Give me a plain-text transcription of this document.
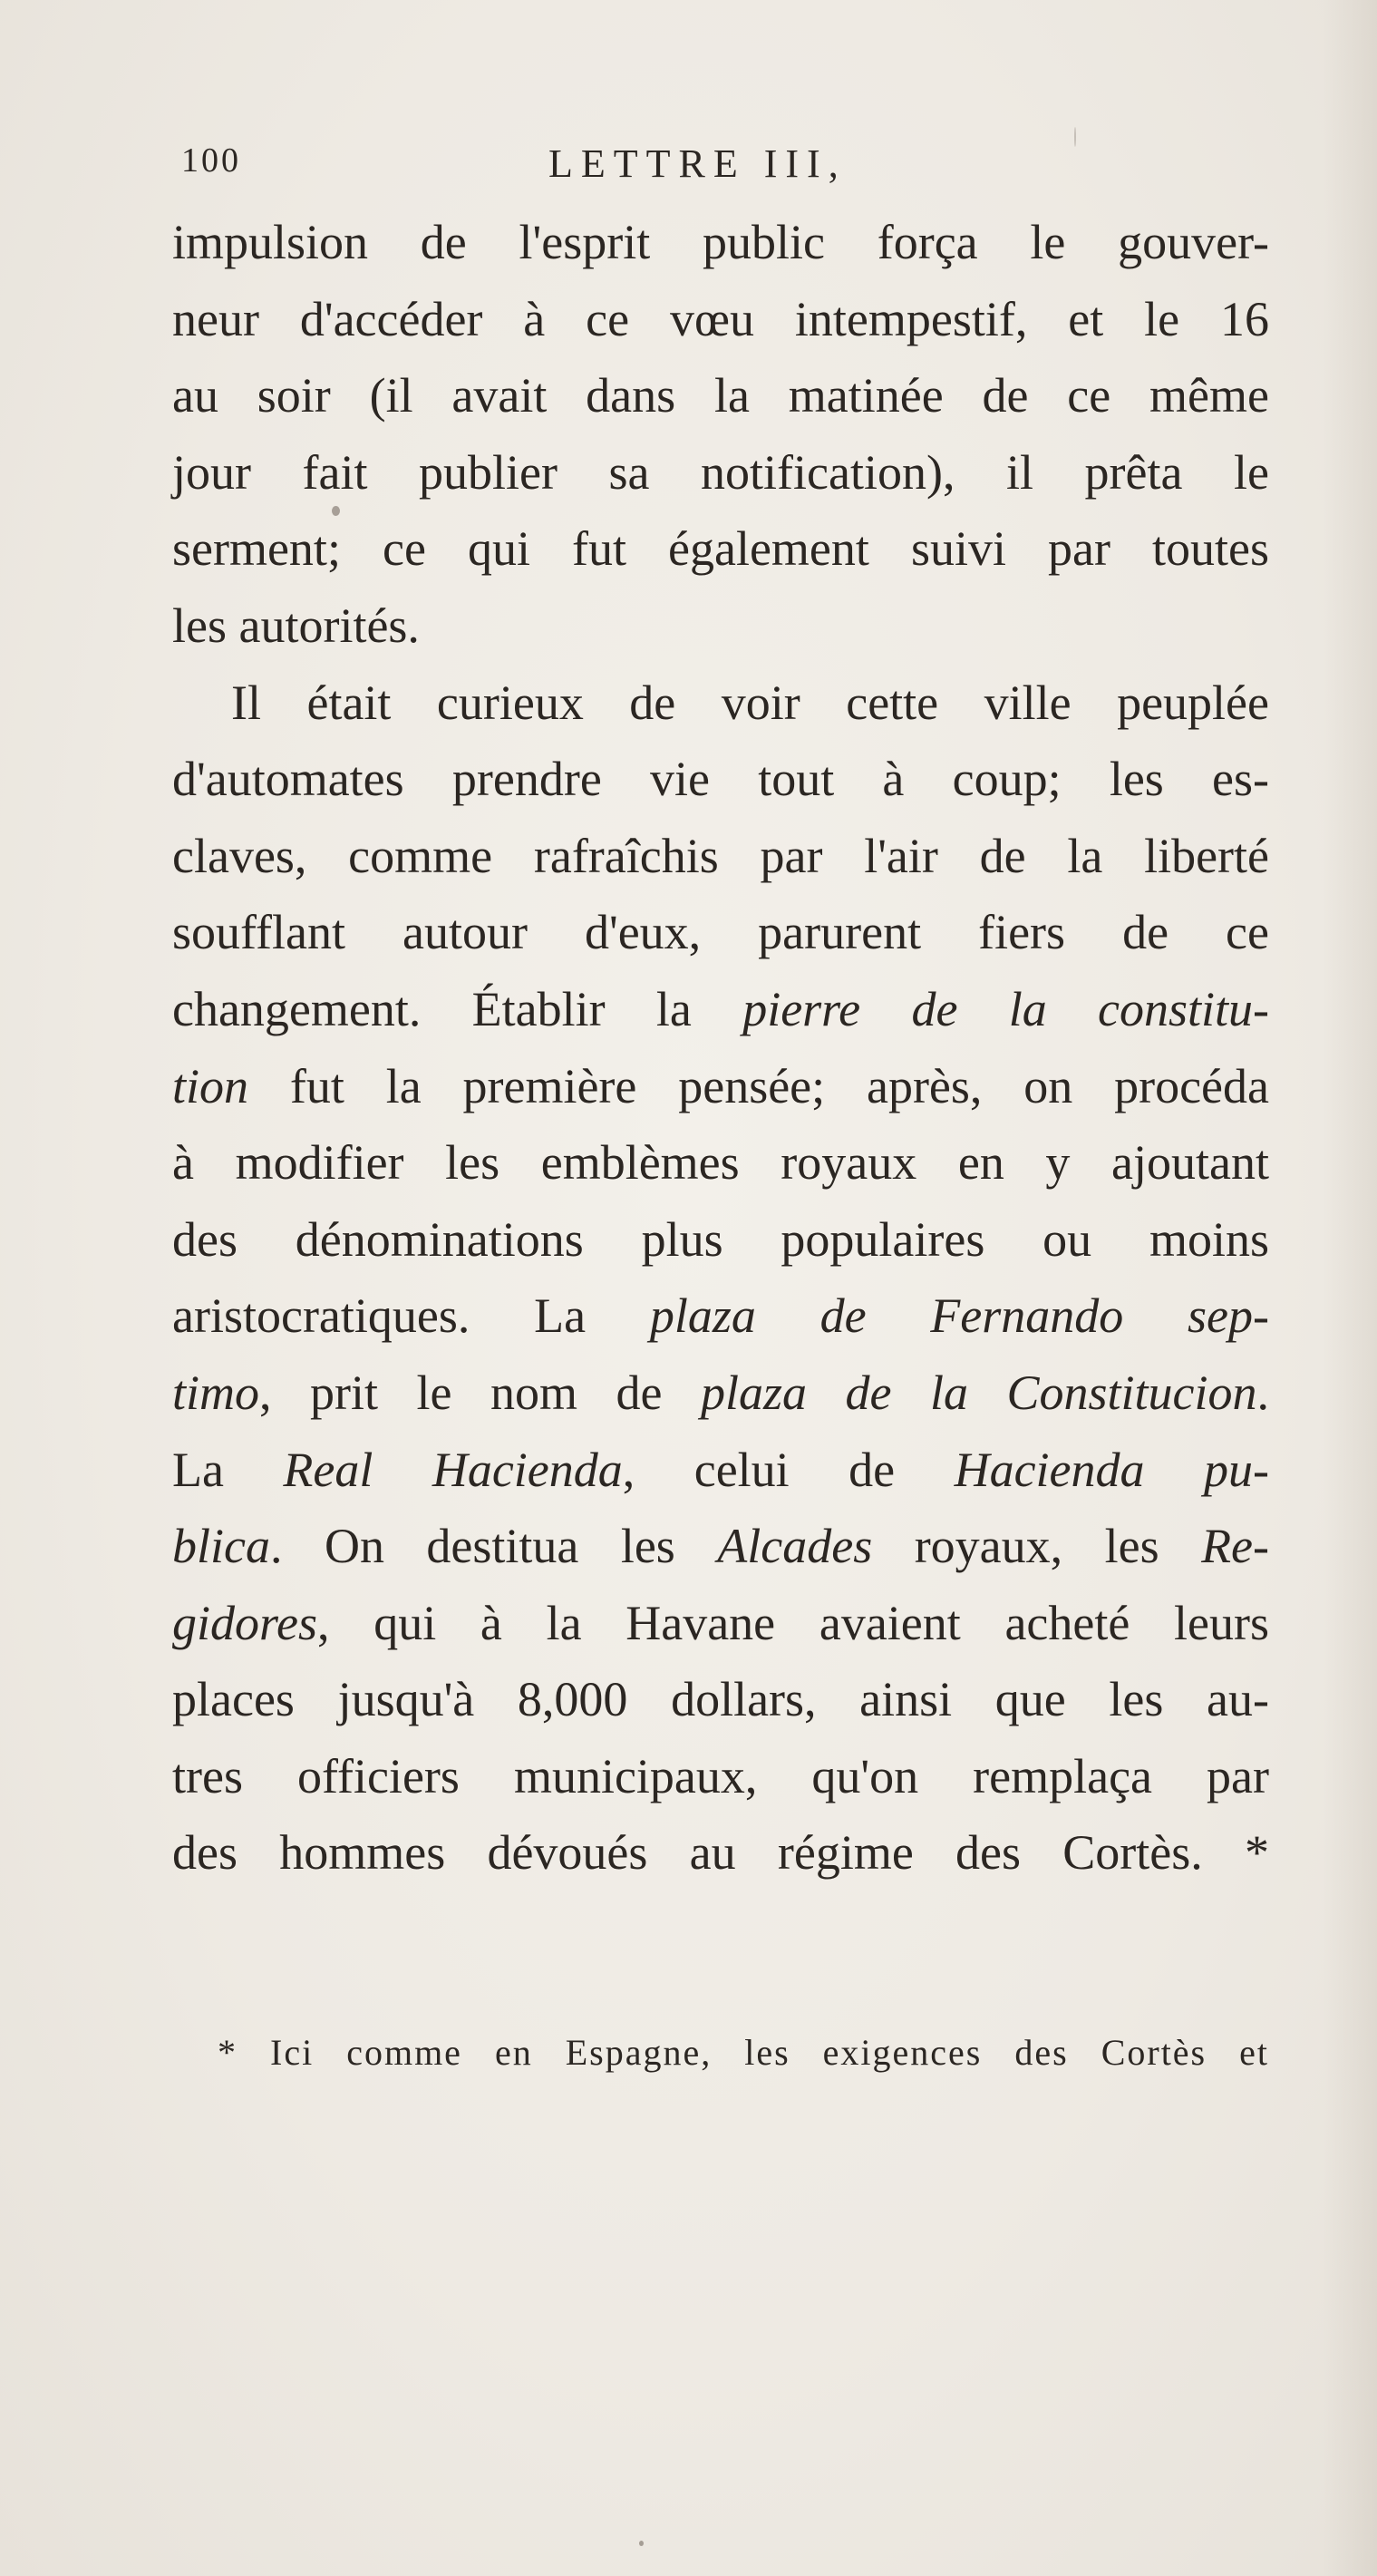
100	LETTRE III,
impulsion de l'esprit public força le gouver-
neur d'accéder à ce vœu intempestif, et le 16
au soir (il avait dans la matinée de ce même
jour fait publier sa notification), il prêta le
serment; ce qui fut également suivi par toutes
les autorités.
Il était curieux de voir cette ville peuplée
d'automates prendre vie tout à coup; les es-
claves, comme rafraîchis par l'air de la liberté
soufflant autour d'eux, parurent fiers de ce
changement. Établir la pierre de la constitu-
tion fut la première pensée; après, on procéda
à modifier les emblèmes royaux en y ajoutant
des dénominations plus populaires ou moins
aristocratiques. La plaza de Fernando sep-
timo, prit le nom de plaza de la Constitucion.
La Real Hacienda, celui de Hacienda pu-
blica. On destitua les Alcades royaux, les Re-
gidores, qui à la Havane avaient acheté leurs
places jusqu'à 8,000 dollars, ainsi que les au-
tres officiers municipaux, qu'on remplaça par
des hommes dévoués au régime des Cortès. *
* Ici comme en Espagne, les exigences des Cortès et
